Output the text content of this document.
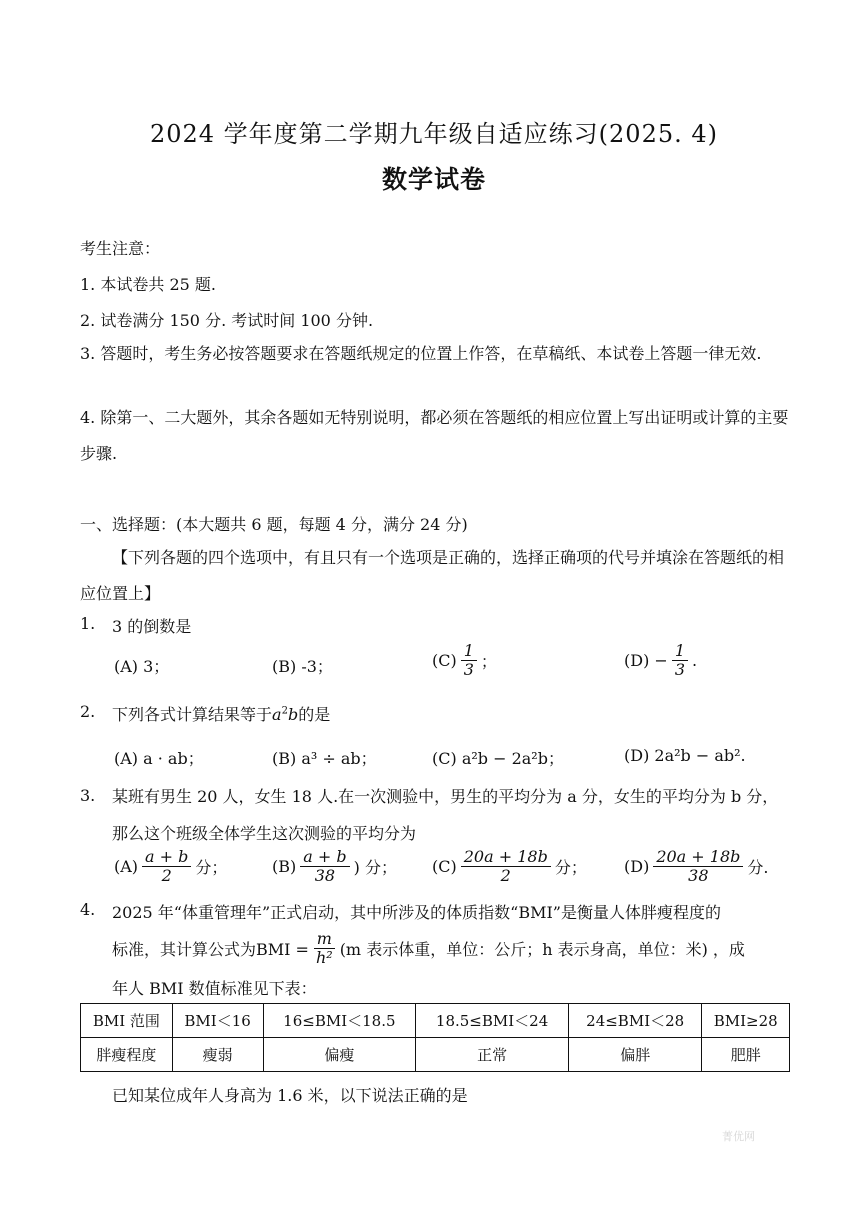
2024 学年度第二学期九年级自适应练习(2025. 4)
数学试卷
考生注意：
1. 本试卷共 25 题.
2. 试卷满分 150 分. 考试时间 100 分钟.
3. 答题时，考生务必按答题要求在答题纸规定的位置上作答，在草稿纸、本试卷上答题一律无效.
4. 除第一、二大题外，其余各题如无特别说明，都必须在答题纸的相应位置上写出证明或计算的主要步骤.
一、选择题：(本大题共 6 题，每题 4 分，满分 24 分)
【下列各题的四个选项中，有且只有一个选项是正确的，选择正确项的代号并填涂在答题纸的相应位置上】
1. 3 的倒数是
(A) 3；	(B) -3；	$(C) \frac{1}{3}$ ；	$(D) - \frac{1}{3}$ .
2. 下列各式计算结果等于$a^2b$的是
(A) a · ab；	(B) a³ ÷ ab；	(C) a²b − 2a²b；	(D) 2a²b − ab².
3. 某班有男生 20 人，女生 18 人.在一次测验中，男生的平均分为 a 分，女生的平均分为 b 分，那么这个班级全体学生这次测验的平均分为
$(A) \frac{a + b}{2}$ 分；	$(B) \frac{a + b}{38}$ ) 分； $(C) \frac{20a + 18b}{2}$ 分； $(D) \frac{20a + 18b}{38}$ 分.
4. 2025 年“体重管理年”正式启动，其中所涉及的体质指数“BMI”是衡量人体胖瘦程度的
标准，其计算公式为BMI = $\frac{m}{\text{h²}} (m$ 表示体重，单位：公斤；h 表示身高，单位：米) ，成
年人 BMI 数值标准见下表：
BMI 范围	BMI＜16	16≤BMI＜18.5	18.5≤BMI＜24	24≤BMI＜28	BMI≥28
胖瘦程度	瘦弱	偏瘦	正常	偏胖	肥胖
已知某位成年人身高为 1.6 米，以下说法正确的是
菁优网
